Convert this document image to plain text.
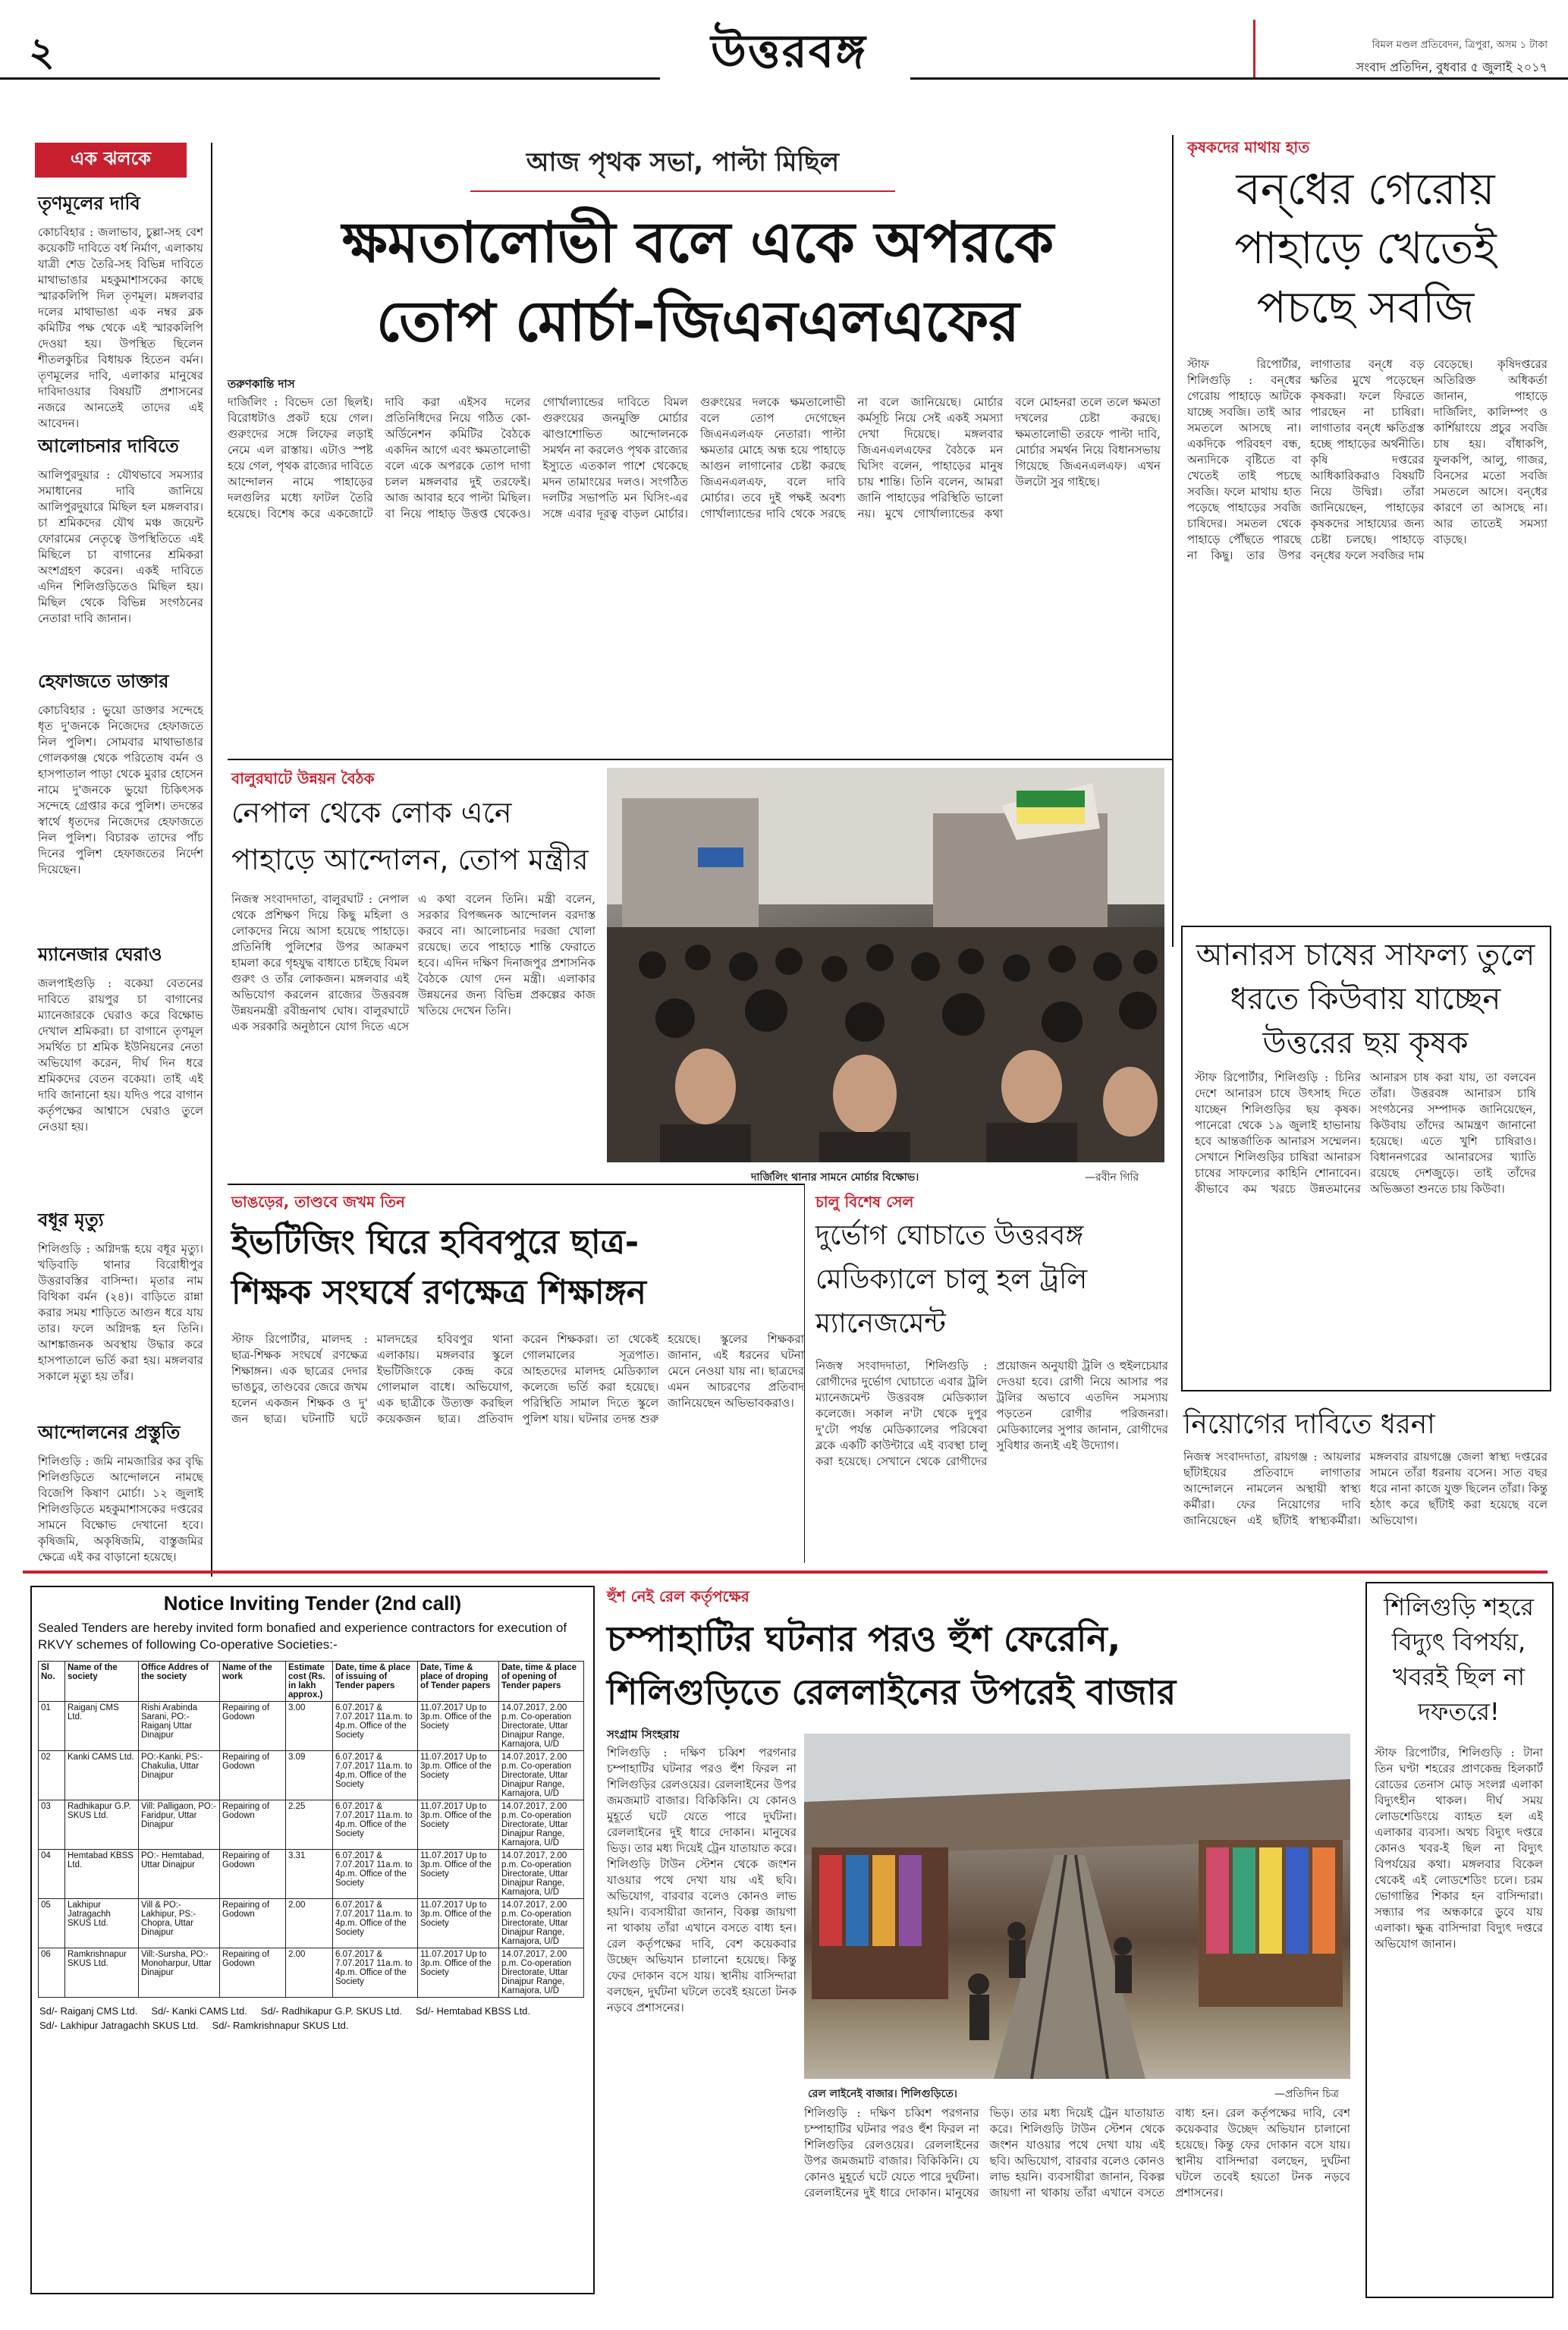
২	উত্তরবঙ্গ	বিমল মণ্ডল প্রতিবেদন, ত্রিপুরা, অসম ১ টাকা
সংবাদ প্রতিদিন, বুধবার ৫ জুলাই ২০১৭
এক ঝলকে
তৃণমূলের দাবি
কোচবিহার : জলাভাব, চুল্লা-সহ বেশ কয়েকটি দাবিতে বর্ধ নির্মাণ, এলাকায় যাত্রী শেড তৈরি-সহ বিভিন্ন দাবিতে মাথাভাঙার মহকুমাশাসকের কাছে স্মারকলিপি দিল তৃণমূল। মঙ্গলবার দলের মাথাভাঙা এক নম্বর ব্লক কমিটির পক্ষ থেকে এই স্মারকলিপি দেওয়া হয়। উপস্থিত ছিলেন শীতলকুচির বিধায়ক হিতেন বর্মন। তৃণমূলের দাবি, এলাকার মানুষের দাবিদাওয়ার বিষয়টি প্রশাসনের নজরে আনতেই তাদের এই আবেদন।
আলোচনার দাবিতে
আলিপুরদুয়ার : যৌথভাবে সমস্যার সমাধানের দাবি জানিয়ে আলিপুরদুয়ারে মিছিল হল মঙ্গলবার। চা শ্রমিকদের যৌথ মঞ্চ জয়েন্ট ফোরামের নেতৃত্বে উপস্থিতিতে এই মিছিলে চা বাগানের শ্রমিকরা অংশগ্রহণ করেন। একই দাবিতে এদিন শিলিগুড়িতেও মিছিল হয়। মিছিল থেকে বিভিন্ন সংগঠনের নেতারা দাবি জানান।
হেফাজতে ডাক্তার
কোচবিহার : ভুয়ো ডাক্তার সন্দেহে ধৃত দু'জনকে নিজেদের হেফাজতে নিল পুলিশ। সোমবার মাথাভাঙার গোলকগঞ্জ থেকে পরিতোষ বর্মন ও হাসপাতাল পাড়া থেকে মুরার হোসেন নামে দু'জনকে ভুয়ো চিকিৎসক সন্দেহে গ্রেপ্তার করে পুলিশ। তদন্তের স্বার্থে ধৃতদের নিজেদের হেফাজতে নিল পুলিশ। বিচারক তাদের পাঁচ দিনের পুলিশ হেফাজতের নির্দেশ দিয়েছেন।
ম্যানেজার ঘেরাও
জলপাইগুড়ি : বকেয়া বেতনের দাবিতে রায়পুর চা বাগানের ম্যানেজারকে ঘেরাও করে বিক্ষোভ দেখাল শ্রমিকরা। চা বাগানে তৃণমূল সমর্থিত চা শ্রমিক ইউনিয়নের নেতা অভিযোগ করেন, দীর্ঘ দিন ধরে শ্রমিকদের বেতন বকেয়া। তাই এই দাবি জানানো হয়। যদিও পরে বাগান কর্তৃপক্ষের আশ্বাসে ঘেরাও তুলে নেওয়া হয়।
বধূর মৃত্যু
শিলিগুড়ি : অগ্নিদগ্ধ হয়ে বধূর মৃত্যু। খড়িবাড়ি থানার বিরোধীপুর উত্তরাবস্তির বাসিন্দা। মৃতার নাম বিথিকা বর্মন (২৪)। বাড়িতে রান্না করার সময় শাড়িতে আগুন ধরে যায় তার। ফলে অগ্নিদগ্ধ হন তিনি। আশঙ্কাজনক অবস্থায় উদ্ধার করে হাসপাতালে ভর্তি করা হয়। মঙ্গলবার সকালে মৃত্যু হয় তাঁর।
আন্দোলনের প্রস্তুতি
শিলিগুড়ি : জমি নামজারির কর বৃদ্ধি শিলিগুড়িতে আন্দোলনে নামছে বিজেপি কিষাণ মোর্চা। ১২ জুলাই শিলিগুড়িতে মহকুমাশাসকের দপ্তরের সামনে বিক্ষোভ দেখানো হবে। কৃষিজমি, অকৃষিজমি, বাস্তুজমির ক্ষেত্রে এই কর বাড়ানো হয়েছে।
আজ পৃথক সভা, পাল্টা মিছিল
ক্ষমতালোভী বলে একে অপরকে
তোপ মোর্চা-জিএনএলএফের
তরুণকান্তি দাস
দার্জিলিং : বিভেদ তো ছিলই। বিরোধটাও প্রকট হয়ে গেল। গুরুংদের সঙ্গে লিফের লড়াই নেমে এল রাস্তায়। এটাও স্পষ্ট হয়ে গেল, পৃথক রাজ্যের দাবিতে আন্দোলন নামে পাহাড়ের দলগুলির মধ্যে ফাটল তৈরি হয়েছে। বিশেষ করে একজোটে দাবি করা এইসব দলের প্রতিনিধিদের নিয়ে গঠিত কো-অর্ডিনেশন কমিটির বৈঠকে একদিন আগে এবং ক্ষমতালোভী বলে একে অপরকে তোপ দাগা চলল মঙ্গলবার দুই তরফেই। আজ আবার হবে পাল্টা মিছিল। বা নিয়ে পাহাড় উত্তপ্ত থেকেও। গোর্খাল্যান্ডের দাবিতে বিমল গুরুংয়ের জনমুক্তি মোর্চার ঝাণ্ডাশোভিত আন্দোলনকে সমর্থন না করলেও পৃথক রাজ্যের ইস্যুতে এতকাল পাশে থেকেছে মদন তামাংয়ের দলও। সংগঠিত দলটির সভাপতি মন ঘিসিং-এর সঙ্গে এবার দূরত্ব বাড়ল মোর্চার। গুরুংয়ের দলকে ক্ষমতালোভী বলে তোপ দেগেছেন জিএনএলএফ নেতারা। পাল্টা ক্ষমতার মোহে অন্ধ হয়ে পাহাড়ে আগুন লাগানোর চেষ্টা করছে জিএনএলএফ, বলে দাবি মোর্চার। তবে দুই পক্ষই অবশ্য গোর্খাল্যান্ডের দাবি থেকে সরছে না বলে জানিয়েছে। মোর্চার কর্মসূচি নিয়ে সেই একই সমস্যা দেখা দিয়েছে। মঙ্গলবার জিএনএলএফের বৈঠকে মন ঘিসিং বলেন, পাহাড়ের মানুষ চায় শান্তি। তিনি বলেন, আমরা জানি পাহাড়ের পরিস্থিতি ভালো নয়। মুখে গোর্খাল্যান্ডের কথা বলে মোহনরা তলে তলে ক্ষমতা দখলের চেষ্টা করছে। ক্ষমতালোভী তরফে পাল্টা দাবি, মোর্চার সমর্থন নিয়ে বিধানসভায় গিয়েছে জিএনএলএফ। এখন উলটো সুর গাইছে।
কৃষকদের মাথায় হাত
বন্‌ধের গেরোয় পাহাড়ে খেতেই পচছে সবজি
স্টাফ রিপোর্টার, শিলিগুড়ি : বন্‌ধের গেরোয় পাহাড়ে আটকে যাচ্ছে সবজি। তাই আর সমতলে আসছে না। একদিকে পরিবহণ বন্ধ, অন্যদিকে বৃষ্টিতে বা খেতেই তাই পচছে সবজি। ফলে মাথায় হাত পড়েছে পাহাড়ের সবজি চাষিদের। সমতল থেকে পাহাড়ে পৌঁছতে পারছে না কিছু। তার উপর লাগাতার বন্‌ধে বড় ক্ষতির মুখে পড়েছেন কৃষকরা। ফলে ফিরতে পারছেন না চাষিরা। লাগাতার বন্‌ধে ক্ষতিগ্রস্ত হচ্ছে পাহাড়ের অর্থনীতি। কৃষি দপ্তরের আধিকারিকরাও বিষয়টি নিয়ে উদ্বিগ্ন। তাঁরা জানিয়েছেন, পাহাড়ের কৃষকদের সাহায্যের জন্য চেষ্টা চলছে। পাহাড়ে বন্‌ধের ফলে সবজির দাম বেড়েছে। কৃষিদপ্তরের অতিরিক্ত অধিকর্তা জানান, পাহাড়ে দার্জিলিং, কালিম্পং ও কার্শিয়াংয়ে প্রচুর সবজি চাষ হয়। বাঁধাকপি, ফুলকপি, আলু, গাজর, বিনসের মতো সবজি সমতলে আসে। বন্‌ধের কারণে তা আসছে না। আর তাতেই সমস্যা বাড়ছে।
আনারস চাষের সাফল্য তুলে ধরতে কিউবায় যাচ্ছেন উত্তরের ছয় কৃষক
স্টাফ রিপোর্টার, শিলিগুড়ি : চিনির দেশে আনারস চাষে উৎসাহ দিতে যাচ্ছেন শিলিগুড়ির ছয় কৃষক। পানেরো থেকে ১৯ জুলাই হাভানায় হবে আন্তর্জাতিক আনারস সম্মেলন। সেখানে শিলিগুড়ির চাষিরা আনারস চাষের সাফল্যের কাহিনি শোনাবেন। কীভাবে কম খরচে উন্নতমানের আনারস চাষ করা যায়, তা বলবেন তাঁরা। উত্তরবঙ্গ আনারস চাষি সংগঠনের সম্পাদক জানিয়েছেন, কিউবায় তাঁদের আমন্ত্রণ জানানো হয়েছে। এতে খুশি চাষিরাও। বিধাননগরের আনারসের খ্যাতি রয়েছে দেশজুড়ে। তাই তাঁদের অভিজ্ঞতা শুনতে চায় কিউবা।
বালুরঘাটে উন্নয়ন বৈঠক
নেপাল থেকে লোক এনে পাহাড়ে আন্দোলন, তোপ মন্ত্রীর
নিজস্ব সংবাদদাতা, বালুরঘাট : নেপাল থেকে প্রশিক্ষণ দিয়ে কিছু মহিলা ও লোকদের নিয়ে আসা হয়েছে পাহাড়ে। প্রতিনিধি পুলিশের উপর আক্রমণ হামলা করে গৃহযুদ্ধ বাধাতে চাইছে বিমল গুরুং ও তাঁর লোকজন। মঙ্গলবার এই অভিযোগ করলেন রাজ্যের উত্তরবঙ্গ উন্নয়নমন্ত্রী রবীন্দ্রনাথ ঘোষ। বালুরঘাটে এক সরকারি অনুষ্ঠানে যোগ দিতে এসে এ কথা বলেন তিনি। মন্ত্রী বলেন, সরকার বিপজ্জনক আন্দোলন বরদাস্ত করবে না। আলোচনার দরজা খোলা রয়েছে। তবে পাহাড়ে শান্তি ফেরাতে হবে। এদিন দক্ষিণ দিনাজপুর প্রশাসনিক বৈঠকে যোগ দেন মন্ত্রী। এলাকার উন্নয়নের জন্য বিভিন্ন প্রকল্পের কাজ খতিয়ে দেখেন তিনি।
দার্জিলিং থানার সামনে মোর্চার বিক্ষোভ।	—রবীন গিরি
ভাঙড়ের, তাণ্ডবে জখম তিন
ইভটিজিং ঘিরে হবিবপুরে ছাত্র-
শিক্ষক সংঘর্ষে রণক্ষেত্র শিক্ষাঙ্গন
স্টাফ রিপোর্টার, মালদহ : ছাত্র-শিক্ষক সংঘর্ষে রণক্ষেত্র শিক্ষাঙ্গন। এক ছাত্রের দেদার ভাঙচুর, তাণ্ডবের জেরে জখম হলেন একজন শিক্ষক ও দু' জন ছাত্র। ঘটনাটি ঘটে মালদহের হবিবপুর থানা এলাকায়। মঙ্গলবার স্কুলে ইভটিজিংকে কেন্দ্র করে গোলমাল বাধে। অভিযোগ, এক ছাত্রীকে উত্যক্ত করছিল কয়েকজন ছাত্র। প্রতিবাদ করেন শিক্ষকরা। তা থেকেই গোলমালের সূত্রপাত। আহতদের মালদহ মেডিক্যাল কলেজে ভর্তি করা হয়েছে। পরিস্থিতি সামাল দিতে স্কুলে পুলিশ যায়। ঘটনার তদন্ত শুরু হয়েছে। স্কুলের শিক্ষকরা জানান, এই ধরনের ঘটনা মেনে নেওয়া যায় না। ছাত্রদের এমন আচরণের প্রতিবাদ জানিয়েছেন অভিভাবকরাও।
চালু বিশেষ সেল
দুর্ভোগ ঘোচাতে উত্তরবঙ্গ মেডিক্যালে চালু হল ট্রলি ম্যানেজমেন্ট
নিজস্ব সংবাদদাতা, শিলিগুড়ি : রোগীদের দুর্ভোগ ঘোচাতে এবার ট্রলি ম্যানেজমেন্ট উত্তরবঙ্গ মেডিক্যাল কলেজে। সকাল ন'টা থেকে দুপুর দু'টো পর্যন্ত মেডিক্যালের পরিষেবা ব্লকে একটি কাউন্টারে এই ব্যবস্থা চালু করা হয়েছে। সেখানে থেকে রোগীদের প্রয়োজন অনুযায়ী ট্রলি ও হুইলচেয়ার দেওয়া হবে। রোগী নিয়ে আসার পর ট্রলির অভাবে এতদিন সমস্যায় পড়তেন রোগীর পরিজনরা। মেডিক্যালের সুপার জানান, রোগীদের সুবিধার জন্যই এই উদ্যোগ।
নিয়োগের দাবিতে ধরনা
নিজস্ব সংবাদদাতা, রায়গঞ্জ : আয়লার ছাঁটাইয়ের প্রতিবাদে লাগাতার আন্দোলনে নামলেন অস্থায়ী স্বাস্থ্য কর্মীরা। ফের নিয়োগের দাবি জানিয়েছেন এই ছাঁটাই স্বাস্থ্যকর্মীরা। মঙ্গলবার রায়গঞ্জে জেলা স্বাস্থ্য দপ্তরের সামনে তাঁরা ধরনায় বসেন। সাত বছর ধরে নানা কাজে যুক্ত ছিলেন তাঁরা। কিন্তু হঠাৎ করে ছাঁটাই করা হয়েছে বলে অভিযোগ।
Notice Inviting Tender (2nd call)
Sealed Tenders are hereby invited form bonafied and experience contractors for execution of RKVY schemes of following Co-operative Societies:-
Sl No.	Name of the society	Office Addres of the society	Name of the work	Estimate cost (Rs. in lakh approx.)	Date, time & place of issuing of Tender papers	Date, Time & place of droping of Tender papers	Date, time & place of opening of Tender papers
01	Raiganj CMS Ltd.	Rishi Arabinda Sarani, PO:- Raiganj Uttar Dinajpur	Repairing of Godown	3.00	6.07.2017 & 7.07.2017 11a.m. to 4p.m. Office of the Society	11.07.2017 Up to 3p.m. Office of the Society	14.07.2017, 2.00 p.m. Co-operation Directorate, Uttar Dinajpur Range, Karnajora, U/D
02	Kanki CAMS Ltd.	PO:-Kanki, PS:-Chakulia, Uttar Dinajpur	Repairing of Godown	3.09	6.07.2017 & 7.07.2017 11a.m. to 4p.m. Office of the Society	11.07.2017 Up to 3p.m. Office of the Society	14.07.2017, 2.00 p.m. Co-operation Directorate, Uttar Dinajpur Range, Karnajora, U/D
03	Radhikapur G.P. SKUS Ltd.	Vill: Palligaon, PO:-Faridpur, Uttar Dinajpur	Repairing of Godown	2.25	6.07.2017 & 7.07.2017 11a.m. to 4p.m. Office of the Society	11.07.2017 Up to 3p.m. Office of the Society	14.07.2017, 2.00 p.m. Co-operation Directorate, Uttar Dinajpur Range, Karnajora, U/D
04	Hemtabad KBSS Ltd.	PO:- Hemtabad, Uttar Dinajpur	Repairing of Godown	3.31	6.07.2017 & 7.07.2017 11a.m. to 4p.m. Office of the Society	11.07.2017 Up to 3p.m. Office of the Society	14.07.2017, 2.00 p.m. Co-operation Directorate, Uttar Dinajpur Range, Karnajora, U/D
05	Lakhipur Jatragachh SKUS Ltd.	Vill & PO:- Lakhipur, PS:- Chopra, Uttar Dinajpur	Repairing of Godown	2.00	6.07.2017 & 7.07.2017 11a.m. to 4p.m. Office of the Society	11.07.2017 Up to 3p.m. Office of the Society	14.07.2017, 2.00 p.m. Co-operation Directorate, Uttar Dinajpur Range, Karnajora, U/D
06	Ramkrishnapur SKUS Ltd.	Vill:-Sursha, PO:- Monoharpur, Uttar Dinajpur	Repairing of Godown	2.00	6.07.2017 & 7.07.2017 11a.m. to 4p.m. Office of the Society	11.07.2017 Up to 3p.m. Office of the Society	14.07.2017, 2.00 p.m. Co-operation Directorate, Uttar Dinajpur Range, Karnajora, U/D
Sd/- Raiganj CMS Ltd. Sd/- Kanki CAMS Ltd. Sd/- Radhikapur G.P. SKUS Ltd. Sd/- Hemtabad KBSS Ltd.
Sd/- Lakhipur Jatragachh SKUS Ltd. Sd/- Ramkrishnapur SKUS Ltd.
হুঁশ নেই রেল কর্তৃপক্ষের
চম্পাহাটির ঘটনার পরও হুঁশ ফেরেনি,
শিলিগুড়িতে রেললাইনের উপরেই বাজার
সংগ্রাম সিংহরায়
শিলিগুড়ি : দক্ষিণ চব্বিশ পরগনার চম্পাহাটির ঘটনার পরও হুঁশ ফিরল না শিলিগুড়ির রেলওয়ের। রেললাইনের উপর জমজমাট বাজার। বিকিকিনি। যে কোনও মুহূর্তে ঘটে যেতে পারে দুর্ঘটনা। রেললাইনের দুই ধারে দোকান। মানুষের ভিড়। তার মধ্য দিয়েই ট্রেন যাতায়াত করে। শিলিগুড়ি টাউন স্টেশন থেকে জংশন যাওয়ার পথে দেখা যায় এই ছবি। অভিযোগ, বারবার বলেও কোনও লাভ হয়নি। ব্যবসায়ীরা জানান, বিকল্প জায়গা না থাকায় তাঁরা এখানে বসতে বাধ্য হন। রেল কর্তৃপক্ষের দাবি, বেশ কয়েকবার উচ্ছেদ অভিযান চালানো হয়েছে। কিন্তু ফের দোকান বসে যায়। স্থানীয় বাসিন্দারা বলছেন, দুর্ঘটনা ঘটলে তবেই হয়তো টনক নড়বে প্রশাসনের।
রেল লাইনেই বাজার। শিলিগুড়িতে।	—প্রতিদিন চিত্র
শিলিগুড়ি : দক্ষিণ চব্বিশ পরগনার চম্পাহাটির ঘটনার পরও হুঁশ ফিরল না শিলিগুড়ির রেলওয়ের। রেললাইনের উপর জমজমাট বাজার। বিকিকিনি। যে কোনও মুহূর্তে ঘটে যেতে পারে দুর্ঘটনা। রেললাইনের দুই ধারে দোকান। মানুষের ভিড়। তার মধ্য দিয়েই ট্রেন যাতায়াত করে। শিলিগুড়ি টাউন স্টেশন থেকে জংশন যাওয়ার পথে দেখা যায় এই ছবি। অভিযোগ, বারবার বলেও কোনও লাভ হয়নি। ব্যবসায়ীরা জানান, বিকল্প জায়গা না থাকায় তাঁরা এখানে বসতে বাধ্য হন। রেল কর্তৃপক্ষের দাবি, বেশ কয়েকবার উচ্ছেদ অভিযান চালানো হয়েছে। কিন্তু ফের দোকান বসে যায়। স্থানীয় বাসিন্দারা বলছেন, দুর্ঘটনা ঘটলে তবেই হয়তো টনক নড়বে প্রশাসনের।
শিলিগুড়ি শহরে বিদ্যুৎ বিপর্যয়, খবরই ছিল না দফতরে!
স্টাফ রিপোর্টার, শিলিগুড়ি : টানা তিন ঘণ্টা শহরের প্রাণকেন্দ্র হিলকার্ট রোডের তেনাস মোড় সংলগ্ন এলাকা বিদ্যুৎহীন থাকল। দীর্ঘ সময় লোডশেডিংয়ে ব্যাহত হল এই এলাকার ব্যবসা। অথচ বিদ্যুৎ দপ্তরে কোনও খবর-ই ছিল না বিদ্যুৎ বিপর্যয়ের কথা। মঙ্গলবার বিকেল থেকেই এই লোডশেডিং চলে। চরম ভোগান্তির শিকার হন বাসিন্দারা। সন্ধ্যার পর অন্ধকারে ডুবে যায় এলাকা। ক্ষুব্ধ বাসিন্দারা বিদ্যুৎ দপ্তরে অভিযোগ জানান।
